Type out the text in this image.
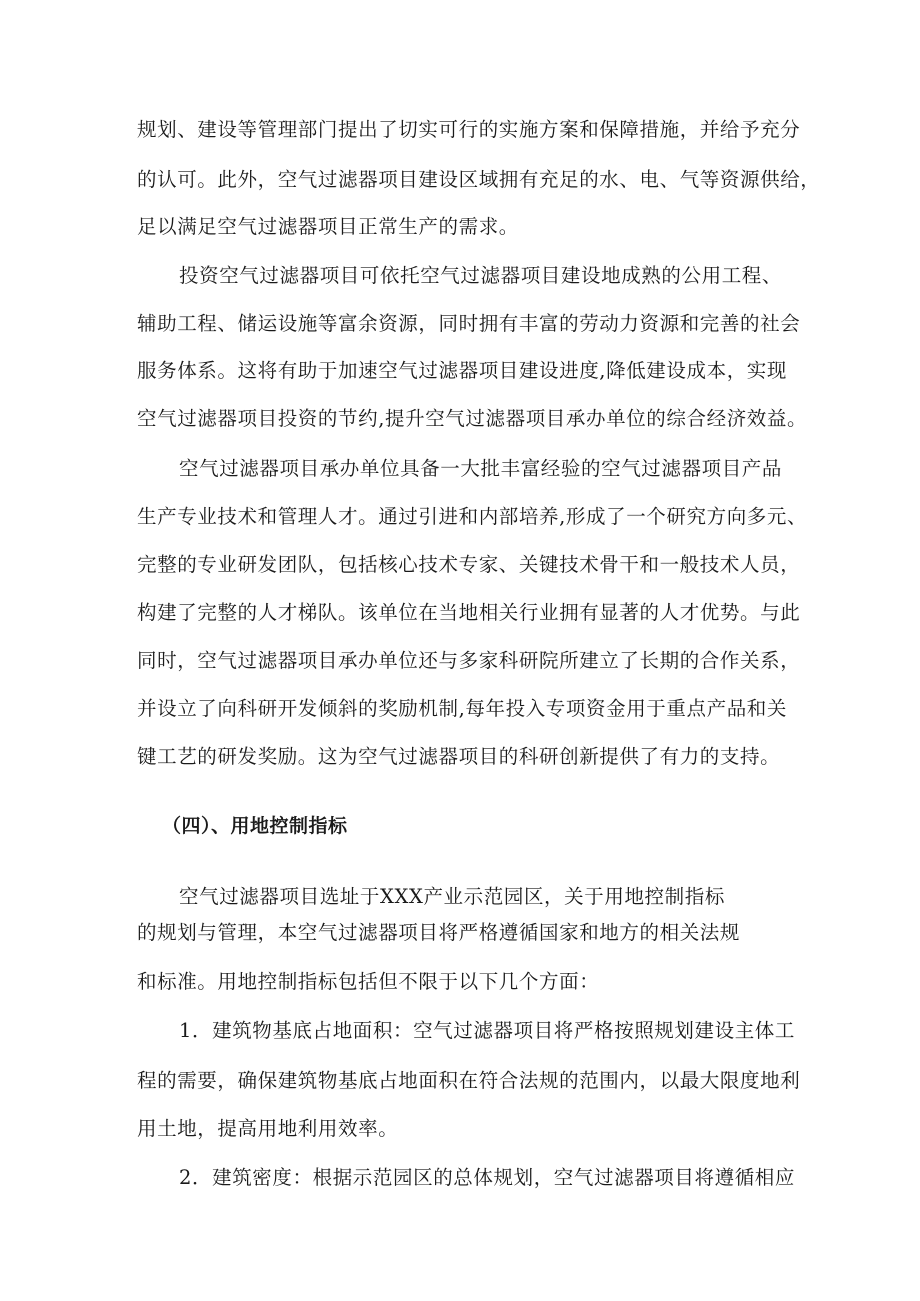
规划、建设等管理部门提出了切实可行的实施方案和保障措施，并给予充分
的认可。此外，空气过滤器项目建设区域拥有充足的水、电、气等资源供给，
足以满足空气过滤器项目正常生产的需求。
投资空气过滤器项目可依托空气过滤器项目建设地成熟的公用工程、
辅助工程、储运设施等富余资源，同时拥有丰富的劳动力资源和完善的社会
服务体系。这将有助于加速空气过滤器项目建设进度,降低建设成本，实现
空气过滤器项目投资的节约,提升空气过滤器项目承办单位的综合经济效益。
空气过滤器项目承办单位具备一大批丰富经验的空气过滤器项目产品
生产专业技术和管理人才。通过引进和内部培养,形成了一个研究方向多元、
完整的专业研发团队，包括核心技术专家、关键技术骨干和一般技术人员，
构建了完整的人才梯队。该单位在当地相关行业拥有显著的人才优势。与此
同时，空气过滤器项目承办单位还与多家科研院所建立了长期的合作关系，
并设立了向科研开发倾斜的奖励机制,每年投入专项资金用于重点产品和关
键工艺的研发奖励。这为空气过滤器项目的科研创新提供了有力的支持。
（四）、用地控制指标
空气过滤器项目选址于XXX产业示范园区，关于用地控制指标
的规划与管理，本空气过滤器项目将严格遵循国家和地方的相关法规
和标准。用地控制指标包括但不限于以下几个方面：
1．建筑物基底占地面积：空气过滤器项目将严格按照规划建设主体工
程的需要，确保建筑物基底占地面积在符合法规的范围内，以最大限度地利
用土地，提高用地利用效率。
2．建筑密度：根据示范园区的总体规划，空气过滤器项目将遵循相应
